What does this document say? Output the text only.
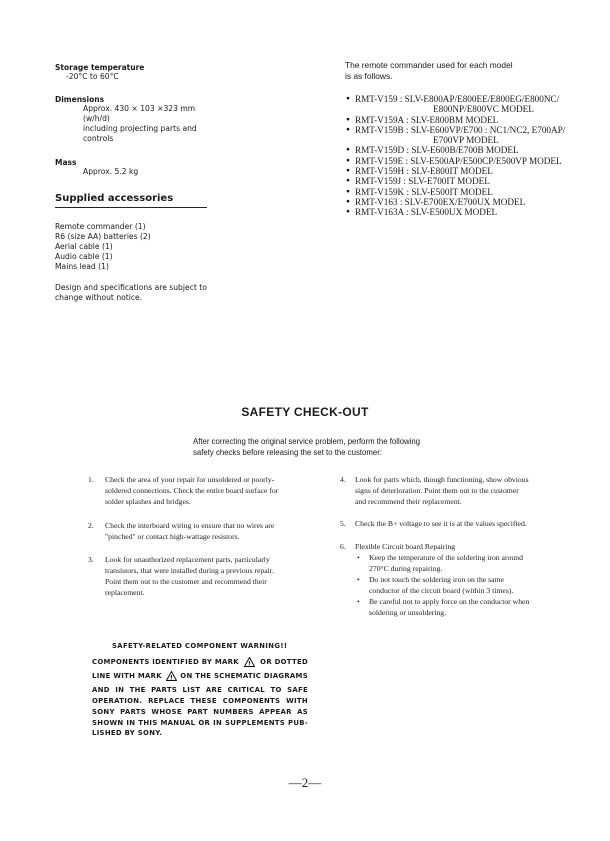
Storage temperature
-20°C to 60°C
Dimensions
Approx. 430 × 103 ×323 mm
(w/h/d)
including projecting parts and
controls
Mass
Approx. 5.2 kg
Supplied accessories
Remote commander (1)
R6 (size AA) batteries (2)
Aerial cable (1)
Audio cable (1)
Mains lead (1)
Design and specifications are subject to
change without notice.
The remote commander used for each model
is as follows.
● RMT-V159 : SLV-E800AP/E800EE/E800EG/E800NC/
E800NP/E800VC MODEL
● RMT-V159A : SLV-E800BM MODEL
● RMT-V159B : SLV-E600VP/E700 : NC1/NC2, E700AP/
E700VP MODEL
● RMT-V159D : SLV-E600B/E700B MODEL
● RMT-V159E : SLV-E500AP/E500CP/E500VP MODEL
● RMT-V159H : SLV-E800IT MODEL
● RMT-V159J : SLV-E700IT MODEL
● RMT-V159K : SLV-E500IT MODEL
● RMT-V163 : SLV-E700EX/E700UX MODEL
● RMT-V163A : SLV-E500UX MODEL
SAFETY CHECK-OUT
After correcting the original service problem, perform the following
safety checks before releasing the set to the customer:
1. Check the area of your repair for unsoldered or poorly-
soldered connections. Check the entire board surface for
solder splashes and bridges.
2. Check the interboard wiring to ensure that no wires are
"pinched" or contact high-wattage resistors.
3. Look for unauthorized replacement parts, particularly
transistors, that were installed during a previous repair.
Point them out to the customer and recommend their
replacement.
4. Look for parts which, though functioning, show obvious
signs of deterioration. Point them out to the customer
and recommend their replacement.
5. Check the B+ voltage to see it is at the values specified.
6. Flexible Circuit board Repairing
• Keep the temperature of the soldering iron around
270°C during repairing.
• Do not touch the soldering iron on the same
conductor of the circuit board (within 3 times).
• Be careful not to apply force on the conductor when
soldering or unsoldering.
SAFETY-RELATED COMPONENT WARNING!!
COMPONENTS IDENTIFIED BY MARK ! OR DOTTED
LINE WITH MARK ! ON THE SCHEMATIC DIAGRAMS
AND IN THE PARTS LIST ARE CRITICAL TO SAFE
OPERATION. REPLACE THESE COMPONENTS WITH
SONY PARTS WHOSE PART NUMBERS APPEAR AS
SHOWN IN THIS MANUAL OR IN SUPPLEMENTS PUB-
LISHED BY SONY.
—2—
